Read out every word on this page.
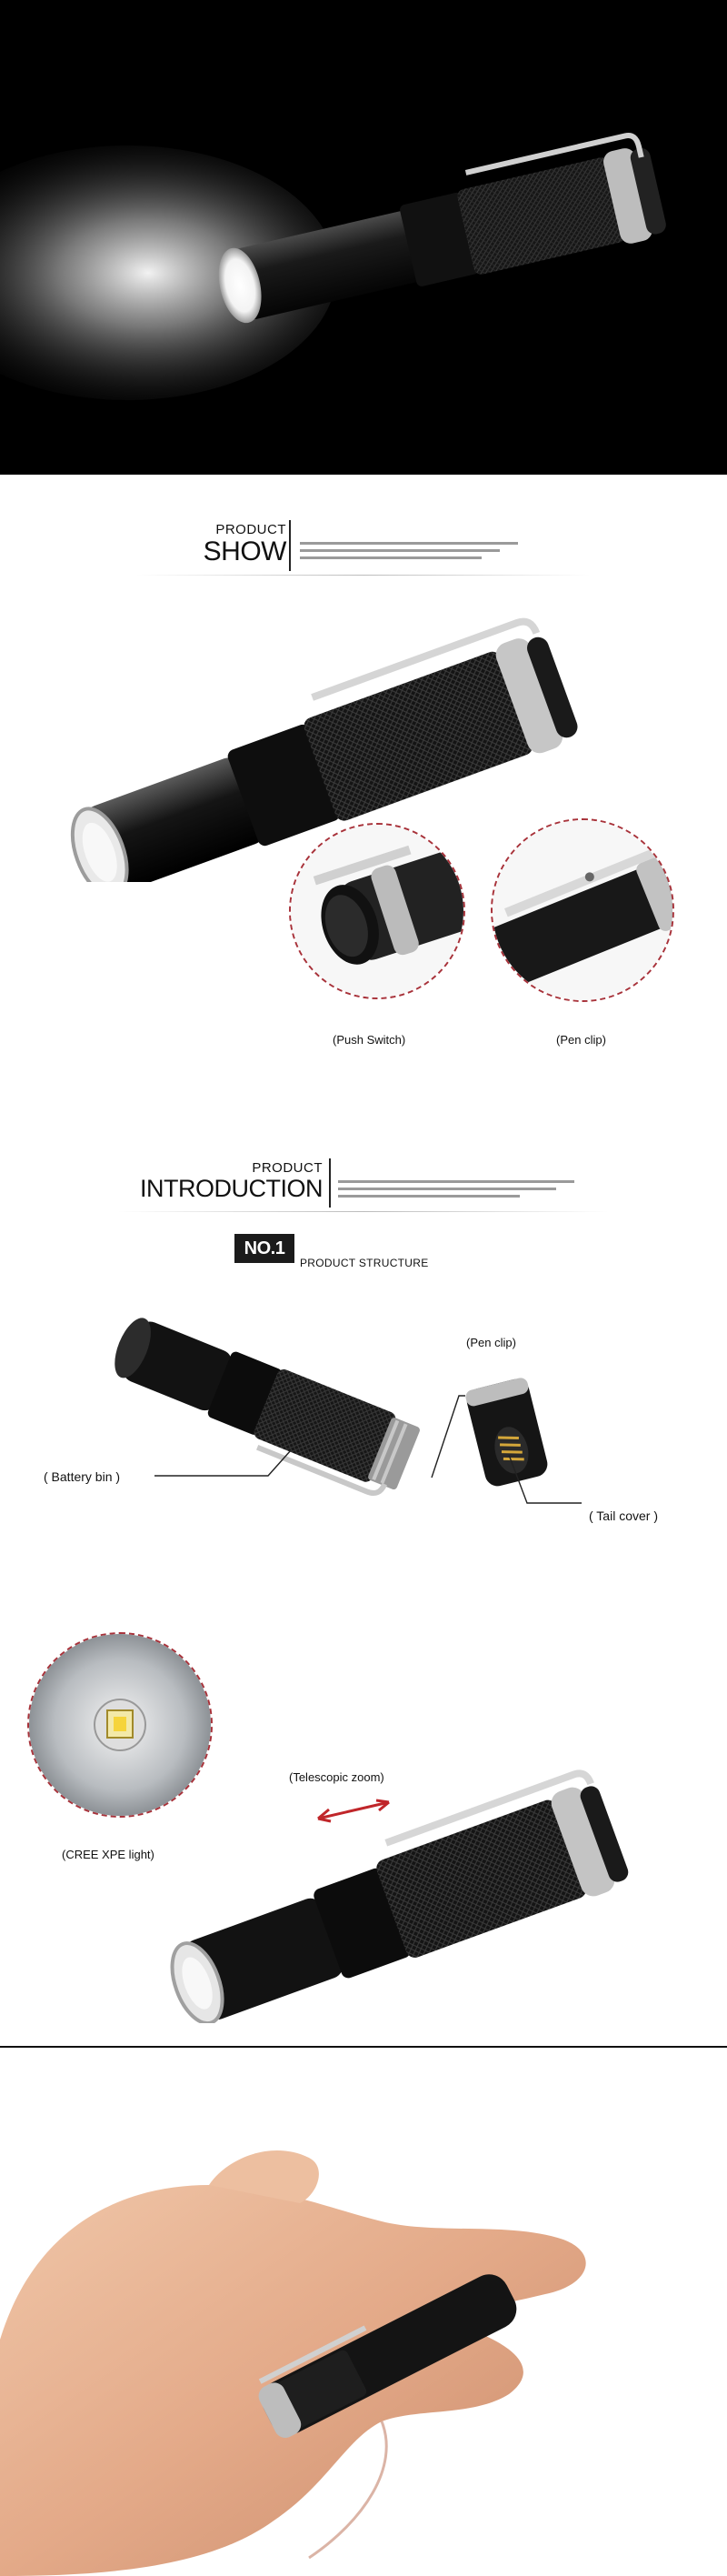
PRODUCT
SHOW
(Push Switch)	(Pen clip)
PRODUCT
INTRODUCTION
NO.1
PRODUCT STRUCTURE
(Pen clip)
( Battery bin )
( Tail cover )
(CREE XPE light)
(Telescopic zoom)
